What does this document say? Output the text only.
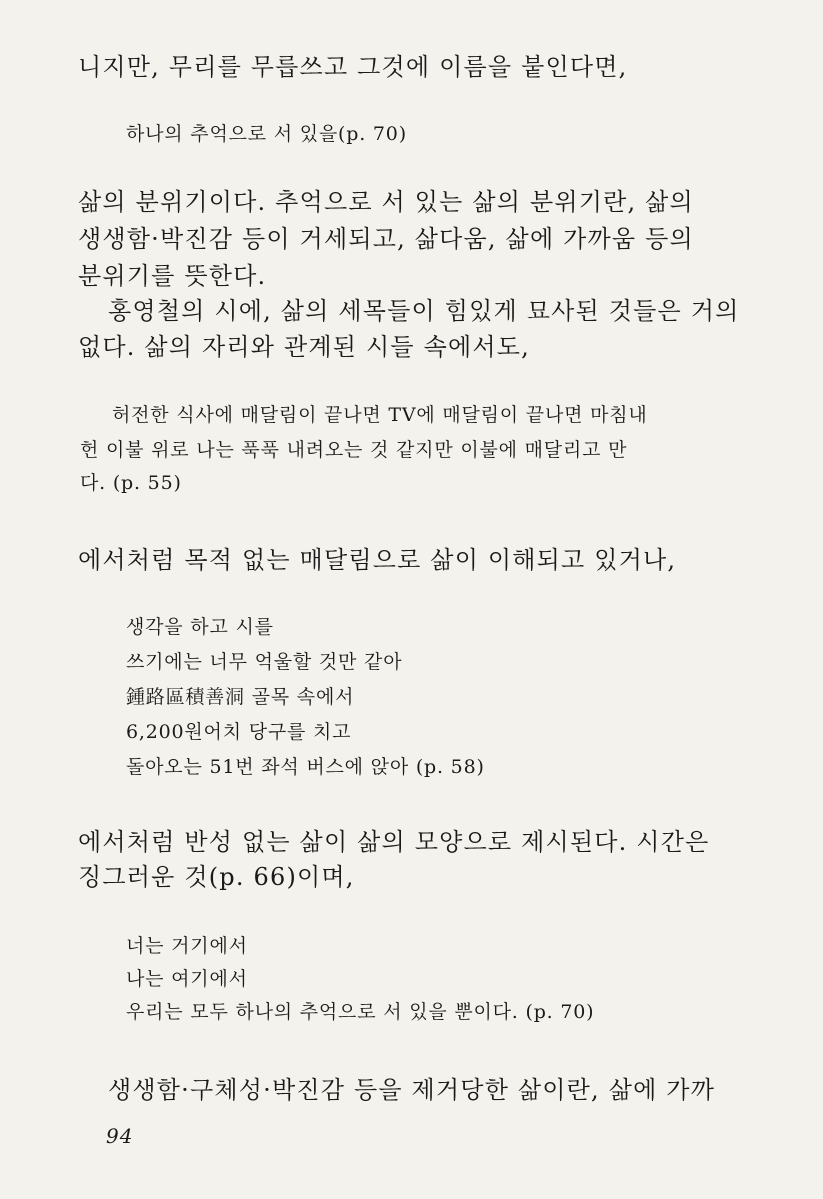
니지만, 무리를 무릅쓰고 그것에 이름을 붙인다면,

하나의 추억으로 서 있을(p. 70)

삶의 분위기이다. 추억으로 서 있는 삶의 분위기란, 삶의

생생함·박진감 등이 거세되고, 삶다움, 삶에 가까움 등의

분위기를 뜻한다.

홍영철의 시에, 삶의 세목들이 힘있게 묘사된 것들은 거의

없다. 삶의 자리와 관계된 시들 속에서도,

허전한 식사에 매달림이 끝나면 TV에 매달림이 끝나면 마침내

헌 이불 위로 나는 푹푹 내려오는 것 같지만 이불에 매달리고 만

다. (p. 55)

에서처럼 목적 없는 매달림으로 삶이 이해되고 있거나,

생각을 하고 시를

쓰기에는 너무 억울할 것만 같아

鍾路區積善洞 골목 속에서

6,200원어치 당구를 치고

돌아오는 51번 좌석 버스에 앉아 (p. 58)

에서처럼 반성 없는 삶이 삶의 모양으로 제시된다. 시간은

징그러운 것(p. 66)이며,

너는 거기에서

나는 여기에서

우리는 모두 하나의 추억으로 서 있을 뿐이다. (p. 70)

생생함·구체성·박진감 등을 제거당한 삶이란, 삶에 가까

94
